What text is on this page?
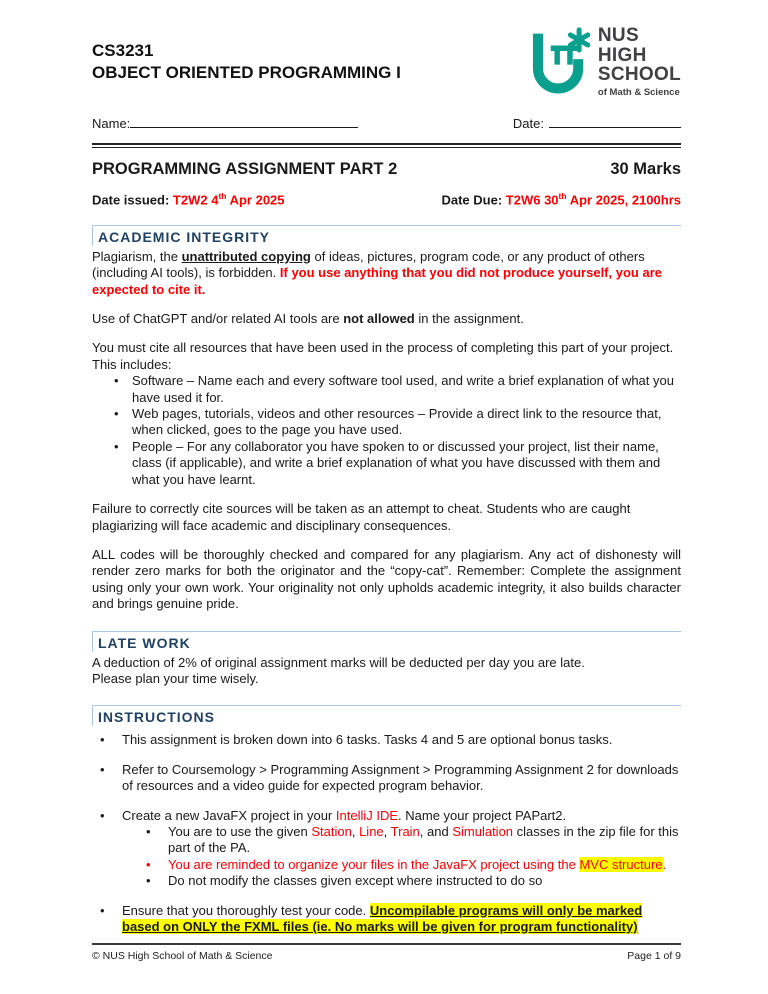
CS3231
OBJECT ORIENTED PROGRAMMING I
NUS
HIGH
SCHOOL
of Math & Science
Name:	Date:
PROGRAMMING ASSIGNMENT PART 2	30 Marks
Date issued: T2W2 4th Apr 2025	Date Due: T2W6 30th Apr 2025, 2100hrs
ACADEMIC INTEGRITY
Plagiarism, the unattributed copying of ideas, pictures, program code, or any product of others (including AI tools), is forbidden. If you use anything that you did not produce yourself, you are expected to cite it.
Use of ChatGPT and/or related AI tools are not allowed in the assignment.
You must cite all resources that have been used in the process of completing this part of your project. This includes:
• Software – Name each and every software tool used, and write a brief explanation of what you have used it for.
• Web pages, tutorials, videos and other resources – Provide a direct link to the resource that, when clicked, goes to the page you have used.
• People – For any collaborator you have spoken to or discussed your project, list their name, class (if applicable), and write a brief explanation of what you have discussed with them and what you have learnt.
Failure to correctly cite sources will be taken as an attempt to cheat. Students who are caught plagiarizing will face academic and disciplinary consequences.
ALL codes will be thoroughly checked and compared for any plagiarism. Any act of dishonesty will render zero marks for both the originator and the “copy-cat”. Remember: Complete the assignment using only your own work. Your originality not only upholds academic integrity, it also builds character and brings genuine pride.
LATE WORK
A deduction of 2% of original assignment marks will be deducted per day you are late.
Please plan your time wisely.
INSTRUCTIONS
• This assignment is broken down into 6 tasks. Tasks 4 and 5 are optional bonus tasks.
• Refer to Coursemology > Programming Assignment > Programming Assignment 2 for downloads of resources and a video guide for expected program behavior.
• Create a new JavaFX project in your IntelliJ IDE. Name your project PAPart2.
• You are to use the given Station, Line, Train, and Simulation classes in the zip file for this part of the PA.
• You are reminded to organize your files in the JavaFX project using the MVC structure.
• Do not modify the classes given except where instructed to do so
• Ensure that you thoroughly test your code. Uncompilable programs will only be marked based on ONLY the FXML files (ie. No marks will be given for program functionality)
© NUS High School of Math & Science	Page 1 of 9
